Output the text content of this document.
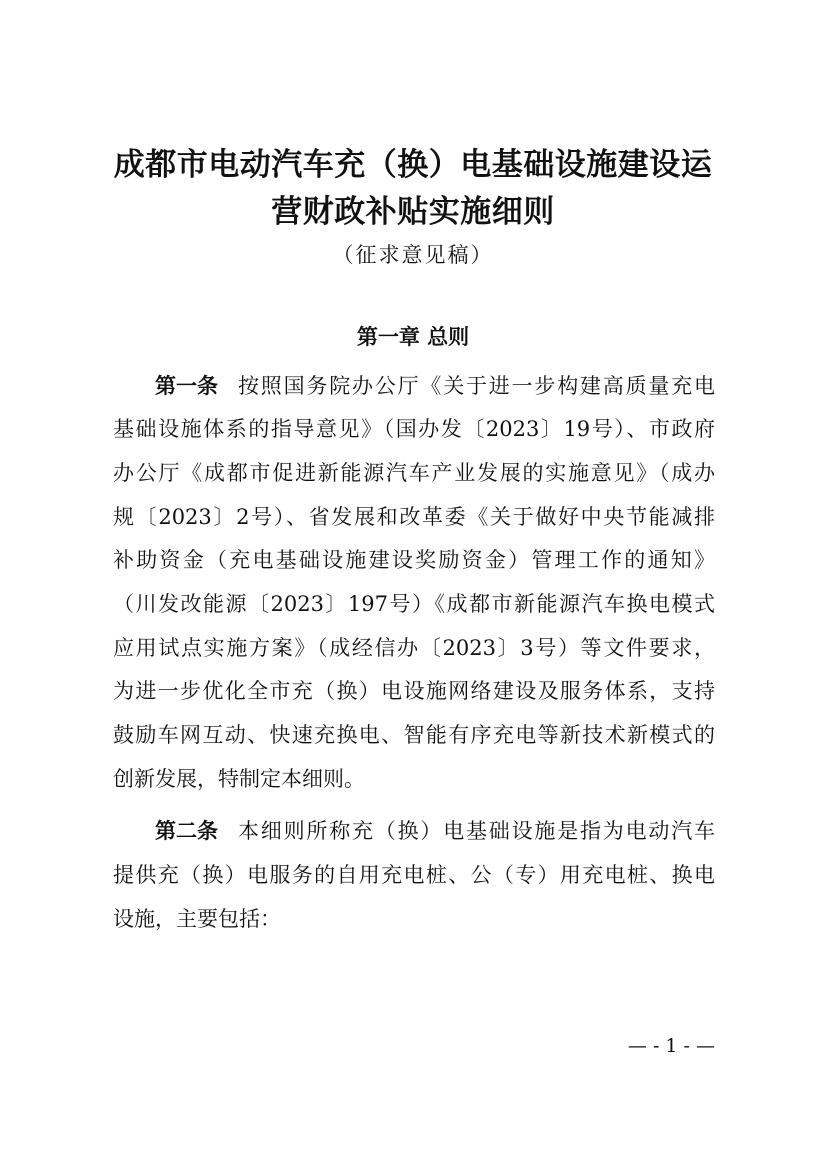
成都市电动汽车充（换）电基础设施建设运
营财政补贴实施细则
（征求意见稿）
第一章 总则
第一条 按照国务院办公厅《关于进一步构建高质量充电
基础设施体系的指导意见》（国办发〔2023〕19号）、市政府
办公厅《成都市促进新能源汽车产业发展的实施意见》（成办
规〔2023〕2号）、省发展和改革委《关于做好中央节能减排
补助资金（充电基础设施建设奖励资金）管理工作的通知》
（川发改能源〔2023〕197号）《成都市新能源汽车换电模式
应用试点实施方案》（成经信办〔2023〕3号）等文件要求，
为进一步优化全市充（换）电设施网络建设及服务体系，支持
鼓励车网互动、快速充换电、智能有序充电等新技术新模式的
创新发展，特制定本细则。
第二条 本细则所称充（换）电基础设施是指为电动汽车
提供充（换）电服务的自用充电桩、公（专）用充电桩、换电
设施，主要包括：
— - 1 - —
